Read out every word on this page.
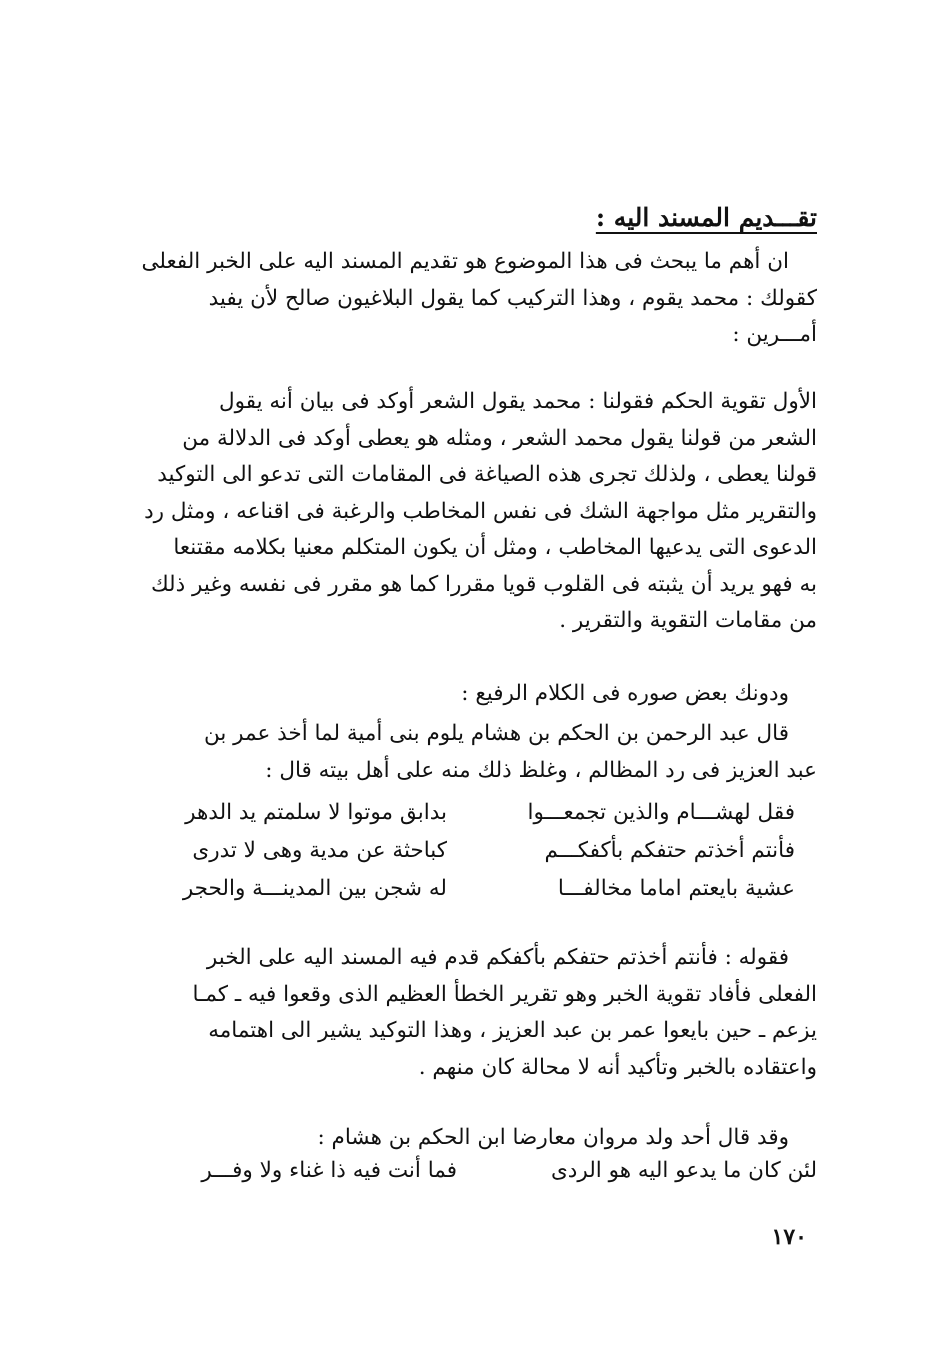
تقـــديم المسند اليه :
ان أهم ما يبحث فى هذا الموضوع هو تقديم المسند اليه على الخبر الفعلى
كقولك : محمد يقوم ، وهذا التركيب كما يقول البلاغيون صالح لأن يفيد
أمـــرين :
الأول تقوية الحكم فقولنا : محمد يقول الشعر أوكد فى بيان أنه يقول
الشعر من قولنا يقول محمد الشعر ، ومثله هو يعطى أوكد فى الدلالة من
قولنا يعطى ، ولذلك تجرى هذه الصياغة فى المقامات التى تدعو الى التوكيد
والتقرير مثل مواجهة الشك فى نفس المخاطب والرغبة فى اقناعه ، ومثل رد
الدعوى التى يدعيها المخاطب ، ومثل أن يكون المتكلم معنيا بكلامه مقتنعا
به فهو يريد أن يثبته فى القلوب قويا مقررا كما هو مقرر فى نفسه وغير ذلك
من مقامات التقوية والتقرير .
ودونك بعض صوره فى الكلام الرفيع :
قال عبد الرحمن بن الحكم بن هشام يلوم بنى أمية لما أخذ عمر بن
عبد العزيز فى رد المظالم ، وغلظ ذلك منه على أهل بيته قال :
فقل لهشـــام والذين تجمعـــوا
بدابق موتوا لا سلمتم يد الدهر
فأنتم أخذتم حتفكم بأكفكـــم
كباحثة عن مدية وهى لا تدرى
عشية بايعتم اماما مخالفـــا
له شجن بين المدينـــة والحجر
فقوله : فأنتم أخذتم حتفكم بأكفكم قدم فيه المسند اليه على الخبر
الفعلى فأفاد تقوية الخبر وهو تقرير الخطأ العظيم الذى وقعوا فيه ـ كمـا
يزعم ـ حين بايعوا عمر بن عبد العزيز ، وهذا التوكيد يشير الى اهتمامه
واعتقاده بالخبر وتأكيد أنه لا محالة كان منهم .
وقد قال أحد ولد مروان معارضا ابن الحكم بن هشام :
لئن كان ما يدعو اليه هو الردى
فما أنت فيه ذا غناء ولا وفـــر
١٧٠
